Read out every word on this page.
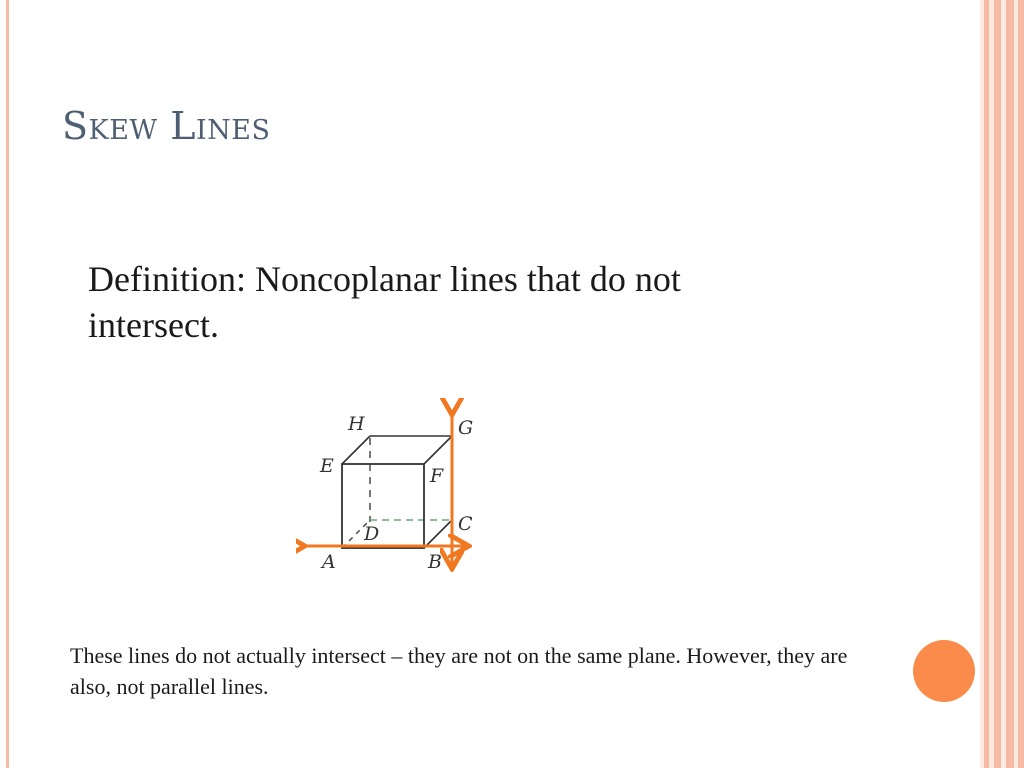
Skew Lines
Definition: Noncoplanar lines that do not intersect.
H	G
E	F
C
D
A	B
These lines do not actually intersect – they are not on the same plane. However, they are also, not parallel lines.
